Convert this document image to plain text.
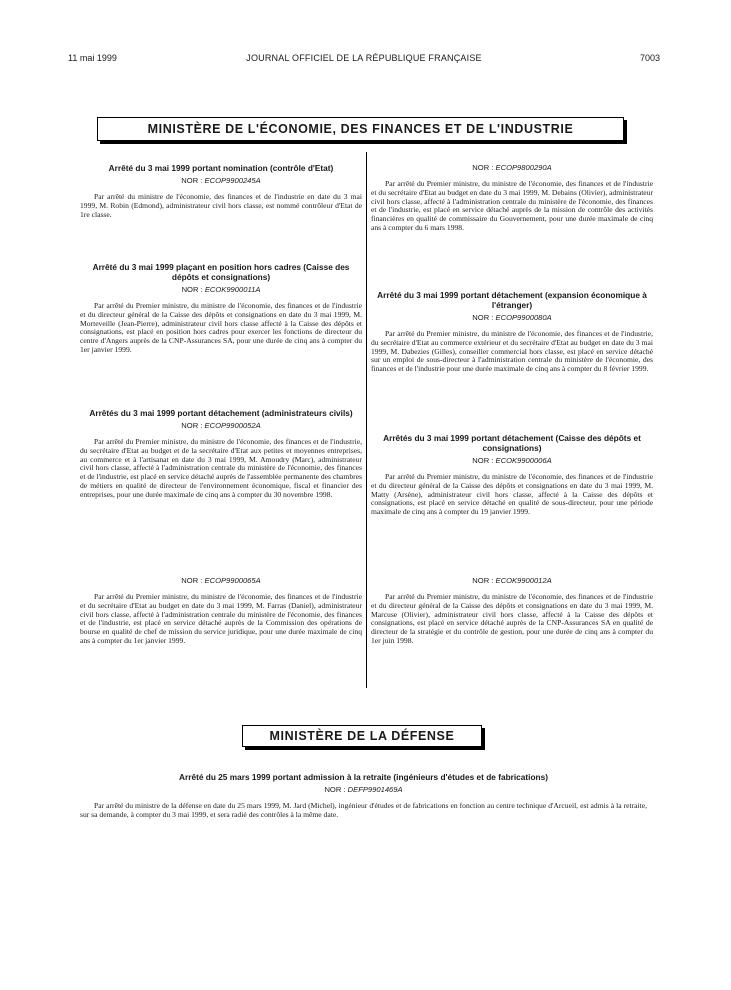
11 mai 1999	JOURNAL OFFICIEL DE LA RÉPUBLIQUE FRANÇAISE	7003
MINISTÈRE DE L'ÉCONOMIE, DES FINANCES ET DE L'INDUSTRIE
Arrêté du 3 mai 1999 portant nomination (contrôle d'Etat)
NOR : ECOP9900245A
Par arrêté du ministre de l'économie, des finances et de l'industrie en date du 3 mai 1999, M. Robin (Edmond), administrateur civil hors classe, est nommé contrôleur d'Etat de 1re classe.
Arrêté du 3 mai 1999 plaçant en position hors cadres (Caisse des dépôts et consignations)
NOR : ECOK9900011A
Par arrêté du Premier ministre, du ministre de l'économie, des finances et de l'industrie et du directeur général de la Caisse des dépôts et consignations en date du 3 mai 1999, M. Morteveille (Jean-Pierre), administrateur civil hors classe affecté à la Caisse des dépôts et consignations, est placé en position hors cadres pour exercer les fonctions de directeur du centre d'Angers auprès de la CNP-Assurances SA, pour une durée de cinq ans à compter du 1er janvier 1999.
Arrêtés du 3 mai 1999 portant détachement (administrateurs civils)
NOR : ECOP9900052A
Par arrêté du Premier ministre, du ministre de l'économie, des finances et de l'industrie, du secrétaire d'Etat au budget et de la secrétaire d'Etat aux petites et moyennes entreprises, au commerce et à l'artisanat en date du 3 mai 1999, M. Amoudry (Marc), administrateur civil hors classe, affecté à l'administration centrale du ministère de l'économie, des finances et de l'industrie, est placé en service détaché auprès de l'assemblée permanente des chambres de métiers en qualité de directeur de l'environnement économique, fiscal et financier des entreprises, pour une durée maximale de cinq ans à compter du 30 novembre 1998.
NOR : ECOP9900065A
Par arrêté du Premier ministre, du ministre de l'économie, des finances et de l'industrie et du secrétaire d'Etat au budget en date du 3 mai 1999, M. Farras (Daniel), administrateur civil hors classe, affecté à l'administration centrale du ministère de l'économie, des finances et de l'industrie, est placé en service détaché auprès de la Commission des opérations de bourse en qualité de chef de mission du service juridique, pour une durée maximale de cinq ans à compter du 1er janvier 1999.
NOR : ECOP9800290A
Par arrêté du Premier ministre, du ministre de l'économie, des finances et de l'industrie et du secrétaire d'Etat au budget en date du 3 mai 1999, M. Debains (Olivier), administrateur civil hors classe, affecté à l'administration centrale du ministère de l'économie, des finances et de l'industrie, est placé en service détaché auprès de la mission de contrôle des activités financières en qualité de commissaire du Gouvernement, pour une durée maximale de cinq ans à compter du 6 mars 1998.
Arrêté du 3 mai 1999 portant détachement (expansion économique à l'étranger)
NOR : ECOP9900080A
Par arrêté du Premier ministre, du ministre de l'économie, des finances et de l'industrie, du secrétaire d'Etat au commerce extérieur et du secrétaire d'Etat au budget en date du 3 mai 1999, M. Dabezies (Gilles), conseiller commercial hors classe, est placé en service détaché sur un emploi de sous-directeur à l'administration centrale du ministère de l'économie, des finances et de l'industrie pour une durée maximale de cinq ans à compter du 8 février 1999.
Arrêtés du 3 mai 1999 portant détachement (Caisse des dépôts et consignations)
NOR : ECOK9900006A
Par arrêté du Premier ministre, du ministre de l'économie, des finances et de l'industrie et du directeur général de la Caisse des dépôts et consignations en date du 3 mai 1999, M. Matty (Arsène), administrateur civil hors classe, affecté à la Caisse des dépôts et consignations, est placé en service détaché en qualité de sous-directeur, pour une période maximale de cinq ans à compter du 19 janvier 1999.
NOR : ECOK9900012A
Par arrêté du Premier ministre, du ministre de l'économie, des finances et de l'industrie et du directeur général de la Caisse des dépôts et consignations en date du 3 mai 1999, M. Marcuse (Olivier), administrateur civil hors classe, affecté à la Caisse des dépôts et consignations, est placé en service détaché auprès de la CNP-Assurances SA en qualité de directeur de la stratégie et du contrôle de gestion, pour une durée de cinq ans à compter du 1er juin 1998.
MINISTÈRE DE LA DÉFENSE
Arrêté du 25 mars 1999 portant admission à la retraite (ingénieurs d'études et de fabrications)
NOR : DEFP9901469A
Par arrêté du ministre de la défense en date du 25 mars 1999, M. Jard (Michel), ingénieur d'études et de fabrications en fonction au centre technique d'Arcueil, est admis à la retraite, sur sa demande, à compter du 3 mai 1999, et sera radié des contrôles à la même date.
